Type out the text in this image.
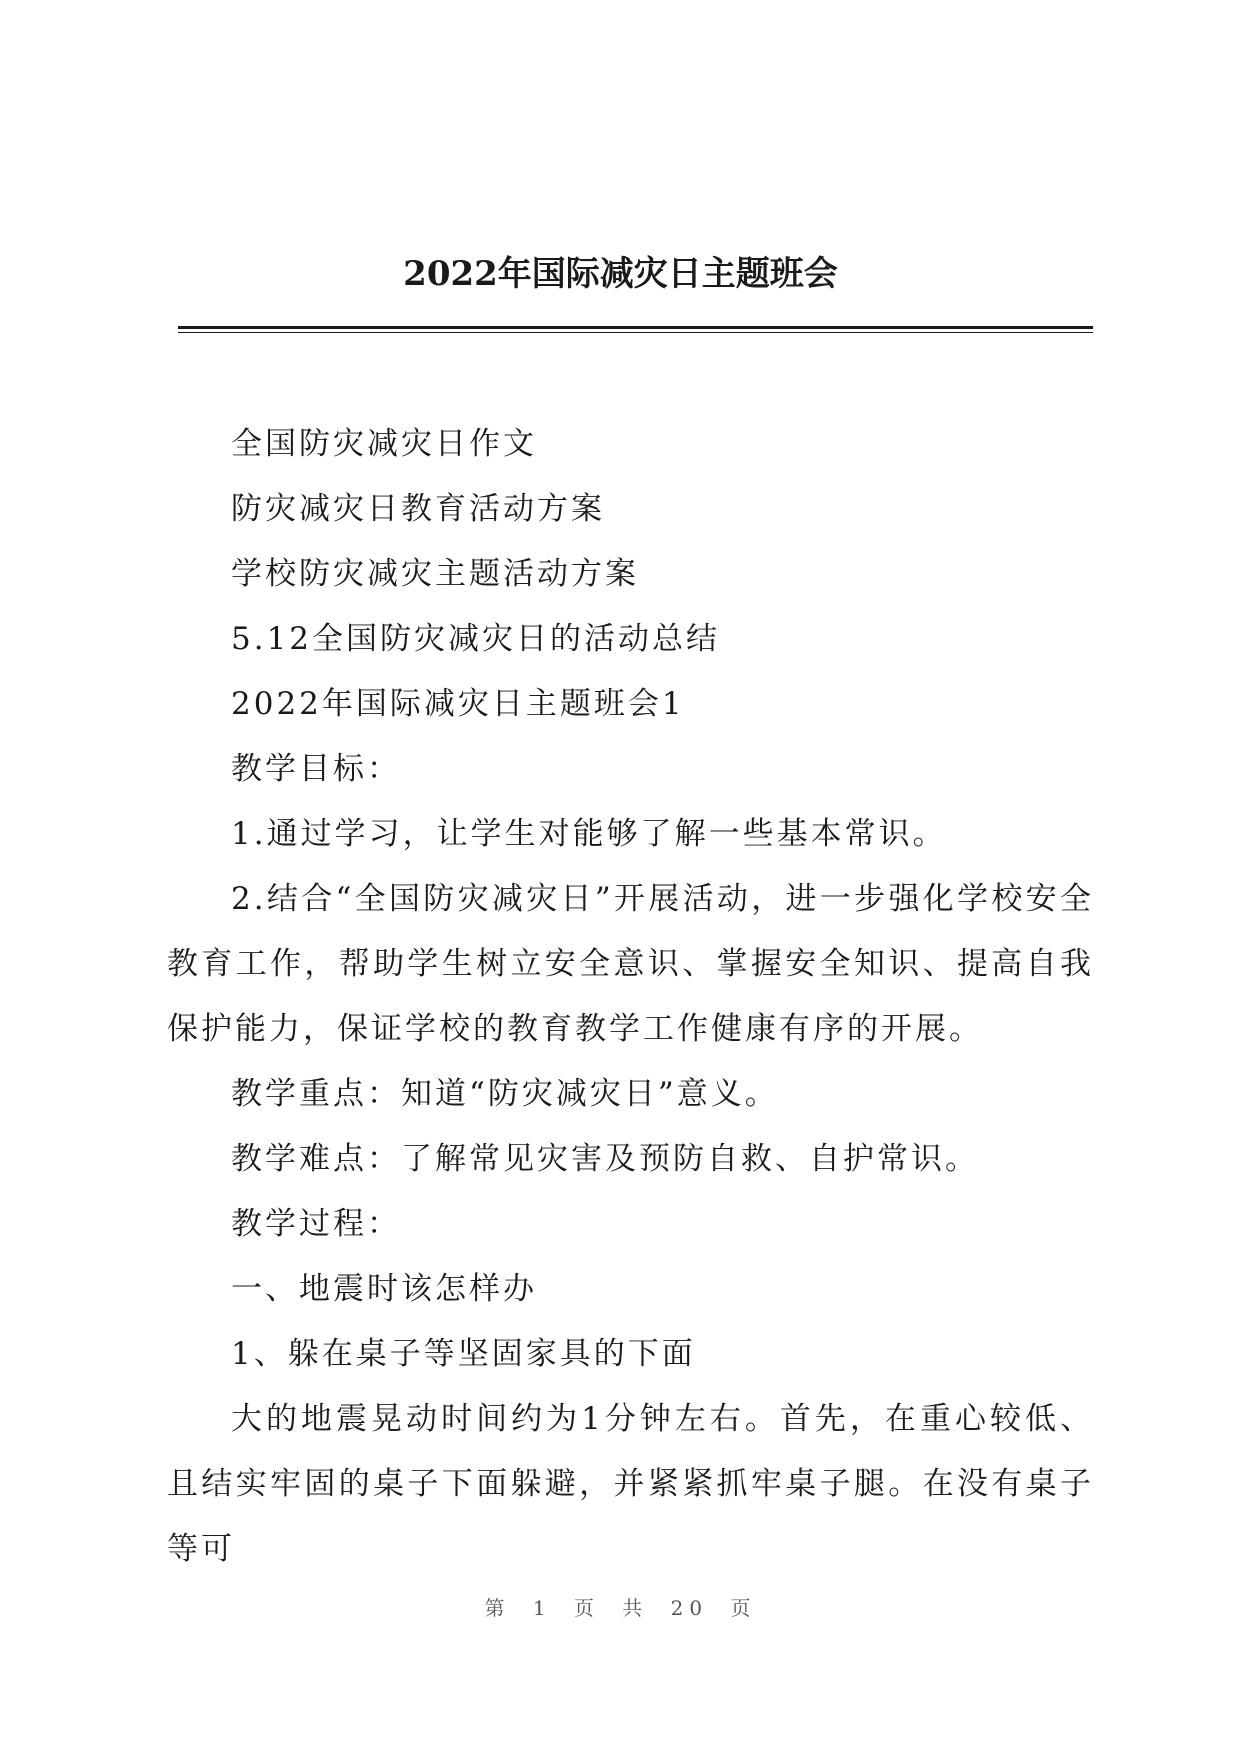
2022年国际减灾日主题班会

全国防灾减灾日作文

防灾减灾日教育活动方案

学校防灾减灾主题活动方案

5.12全国防灾减灾日的活动总结

2022年国际减灾日主题班会1

教学目标：

1.通过学习，让学生对能够了解一些基本常识。

2.结合“全国防灾减灾日”开展活动，进一步强化学校安全教育工作，帮助学生树立安全意识、掌握安全知识、提高自我保护能力，保证学校的教育教学工作健康有序的开展。

教学重点：知道“防灾减灾日”意义。

教学难点：了解常见灾害及预防自救、自护常识。

教学过程：

一、地震时该怎样办

1、躲在桌子等坚固家具的下面

大的地震晃动时间约为1分钟左右。首先，在重心较低、且结实牢固的桌子下面躲避，并紧紧抓牢桌子腿。在没有桌子等可

第 1 页 共 20 页
